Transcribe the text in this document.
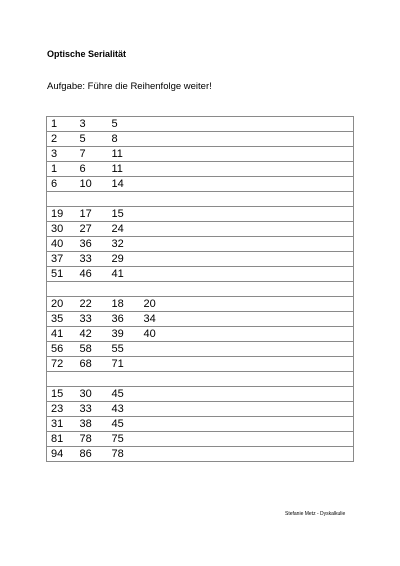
Optische Serialität
Aufgabe: Führe die Reihenfolge weiter!
1	3	5	
2	5	8	
3	7	11	
1	6	11	
6	10	14	

19	17	15	
30	27	24	
40	36	32	
37	33	29	
51	46	41	

20	22	18	20
35	33	36	34
41	42	39	40
56	58	55	
72	68	71	

15	30	45	
23	33	43	
31	38	45	
81	78	75	
94	86	78	
Stefanie Metz - Dyskalkulie
